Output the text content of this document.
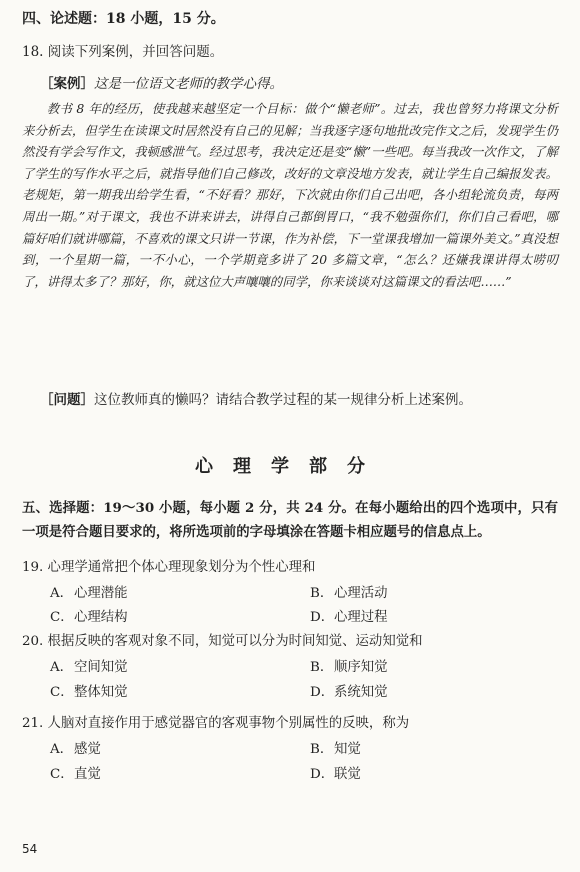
四、论述题：18 小题，15 分。

18. 阅读下列案例，并回答问题。

［案例］这是一位语文老师的教学心得。

教书 8 年的经历，使我越来越坚定一个目标：做个“懒老师”。过去，我也曾努力将课文分析来分析去，但学生在读课文时居然没有自己的见解；当我逐字逐句地批改完作文之后，发现学生仍然没有学会写作文，我顿感泄气。经过思考，我决定还是变“懒”一些吧。每当我改一次作文，了解了学生的写作水平之后，就指导他们自己修改，改好的文章没地方发表，就让学生自己编报发表。老规矩，第一期我出给学生看，“不好看？那好，下次就由你们自己出吧，各小组轮流负责，每两周出一期。”对于课文，我也不讲来讲去，讲得自己都倒胃口，“我不勉强你们，你们自己看吧，哪篇好咱们就讲哪篇，不喜欢的课文只讲一节课，作为补偿，下一堂课我增加一篇课外美文。”真没想到，一个星期一篇，一不小心，一个学期竟多讲了 20 多篇文章，“怎么？还嫌我课讲得太唠叨了，讲得太多了？那好，你，就这位大声嚷嚷的同学，你来谈谈对这篇课文的看法吧……”

［问题］这位教师真的懒吗？请结合教学过程的某一规律分析上述案例。

心理学部分

五、选择题：19～30 小题，每小题 2 分，共 24 分。在每小题给出的四个选项中，只有一项是符合题目要求的，将所选项前的字母填涂在答题卡相应题号的信息点上。

19. 心理学通常把个体心理现象划分为个性心理和

A．心理潜能	B．心理活动

C．心理结构	D．心理过程

20. 根据反映的客观对象不同，知觉可以分为时间知觉、运动知觉和

A．空间知觉	B．顺序知觉

C．整体知觉	D．系统知觉

21. 人脑对直接作用于感觉器官的客观事物个别属性的反映，称为

A．感觉	B．知觉

C．直觉	D．联觉

54
